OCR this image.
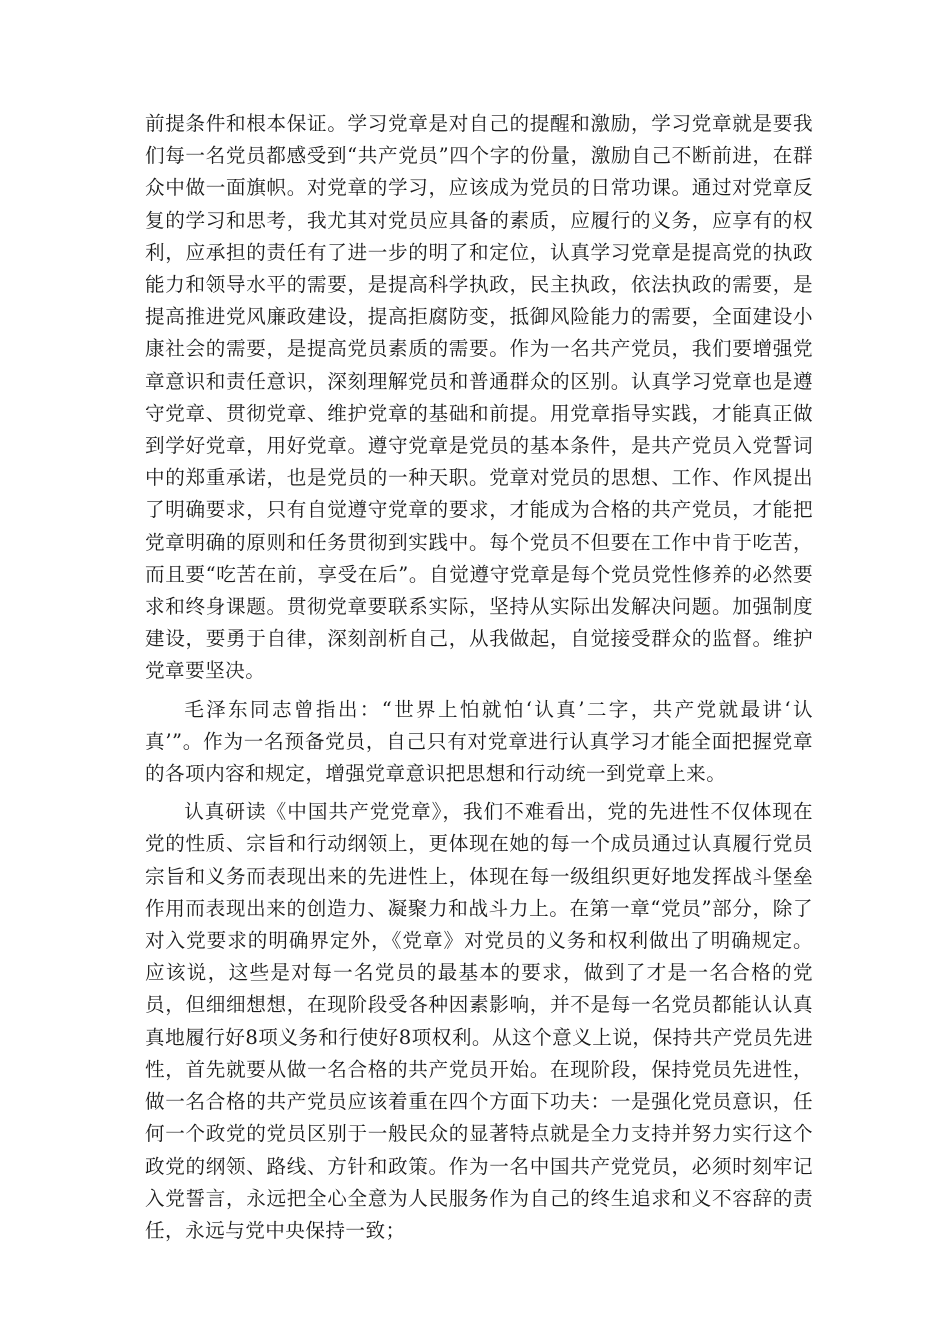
前提条件和根本保证。学习党章是对自己的提醒和激励，学习党章就是要我们每一名党员都感受到“共产党员”四个字的份量，激励自己不断前进，在群众中做一面旗帜。对党章的学习，应该成为党员的日常功课。通过对党章反复的学习和思考，我尤其对党员应具备的素质，应履行的义务，应享有的权利，应承担的责任有了进一步的明了和定位，认真学习党章是提高党的执政能力和领导水平的需要，是提高科学执政，民主执政，依法执政的需要，是提高推进党风廉政建设，提高拒腐防变，抵御风险能力的需要，全面建设小康社会的需要，是提高党员素质的需要。作为一名共产党员，我们要增强党章意识和责任意识，深刻理解党员和普通群众的区别。认真学习党章也是遵守党章、贯彻党章、维护党章的基础和前提。用党章指导实践，才能真正做到学好党章，用好党章。遵守党章是党员的基本条件，是共产党员入党誓词中的郑重承诺，也是党员的一种天职。党章对党员的思想、工作、作风提出了明确要求，只有自觉遵守党章的要求，才能成为合格的共产党员，才能把党章明确的原则和任务贯彻到实践中。每个党员不但要在工作中肯于吃苦，而且要“吃苦在前，享受在后”。自觉遵守党章是每个党员党性修养的必然要求和终身课题。贯彻党章要联系实际，坚持从实际出发解决问题。加强制度建设，要勇于自律，深刻剖析自己，从我做起，自觉接受群众的监督。维护党章要坚决。

毛泽东同志曾指出：“世界上怕就怕‘认真’二字，共产党就最讲‘认真’”。作为一名预备党员，自己只有对党章进行认真学习才能全面把握党章的各项内容和规定，增强党章意识把思想和行动统一到党章上来。

认真研读《中国共产党党章》，我们不难看出，党的先进性不仅体现在党的性质、宗旨和行动纲领上，更体现在她的每一个成员通过认真履行党员宗旨和义务而表现出来的先进性上，体现在每一级组织更好地发挥战斗堡垒作用而表现出来的创造力、凝聚力和战斗力上。在第一章“党员”部分，除了对入党要求的明确界定外，《党章》对党员的义务和权利做出了明确规定。应该说，这些是对每一名党员的最基本的要求，做到了才是一名合格的党员，但细细想想，在现阶段受各种因素影响，并不是每一名党员都能认认真真地履行好8项义务和行使好8项权利。从这个意义上说，保持共产党员先进性，首先就要从做一名合格的共产党员开始。在现阶段，保持党员先进性，做一名合格的共产党员应该着重在四个方面下功夫：一是强化党员意识，任何一个政党的党员区别于一般民众的显著特点就是全力支持并努力实行这个政党的纲领、路线、方针和政策。作为一名中国共产党党员，必须时刻牢记入党誓言，永远把全心全意为人民服务作为自己的终生追求和义不容辞的责任，永远与党中央保持一致；
